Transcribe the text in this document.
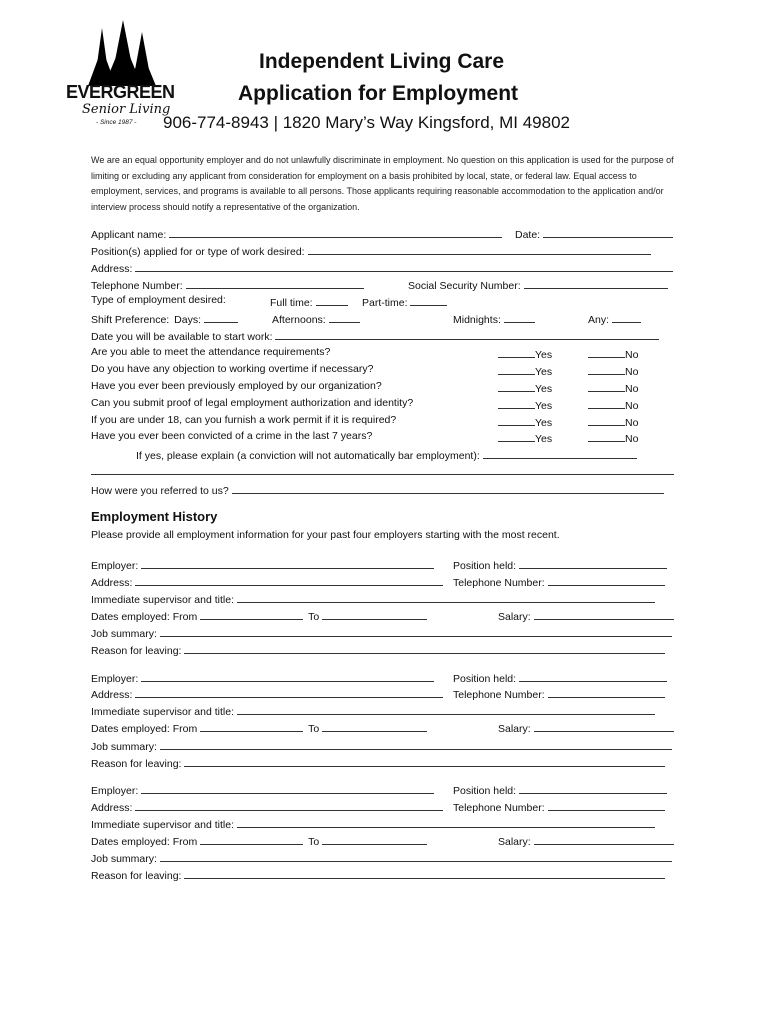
EVERGREEN
Senior Living
- Since 1987 -
Independent Living Care
Application for Employment
906-774-8943 | 1820 Mary’s Way Kingsford, MI 49802

We are an equal opportunity employer and do not unlawfully discriminate in employment. No question on this application is used for the purpose of limiting or excluding any applicant from consideration for employment on a basis prohibited by local, state, or federal law. Equal access to employment, services, and programs is available to all persons. Those applicants requiring reasonable accommodation to the application and/or interview process should notify a representative of the organization.

Applicant name:	Date:
Position(s) applied for or type of work desired:
Address:
Telephone Number:	Social Security Number:
Type of employment desired:	Full time:	Part-time:
Shift Preference: Days:	Afternoons:	Midnights:	Any:
Date you will be available to start work:
Are you able to meet the attendance requirements?	Yes	No
Do you have any objection to working overtime if necessary?	Yes	No
Have you ever been previously employed by our organization?	Yes	No
Can you submit proof of legal employment authorization and identity?	Yes	No
If you are under 18, can you furnish a work permit if it is required?	Yes	No
Have you ever been convicted of a crime in the last 7 years?	Yes	No
If yes, please explain (a conviction will not automatically bar employment):
How were you referred to us?
Employment History
Please provide all employment information for your past four employers starting with the most recent.
Employer:	Position held:
Address:	Telephone Number:
Immediate supervisor and title:
Dates employed: From	To	Salary:
Job summary:
Reason for leaving:
Employer:	Position held:
Address:	Telephone Number:
Immediate supervisor and title:
Dates employed: From	To	Salary:
Job summary:
Reason for leaving:
Employer:	Position held:
Address:	Telephone Number:
Immediate supervisor and title:
Dates employed: From	To	Salary:
Job summary:
Reason for leaving:
